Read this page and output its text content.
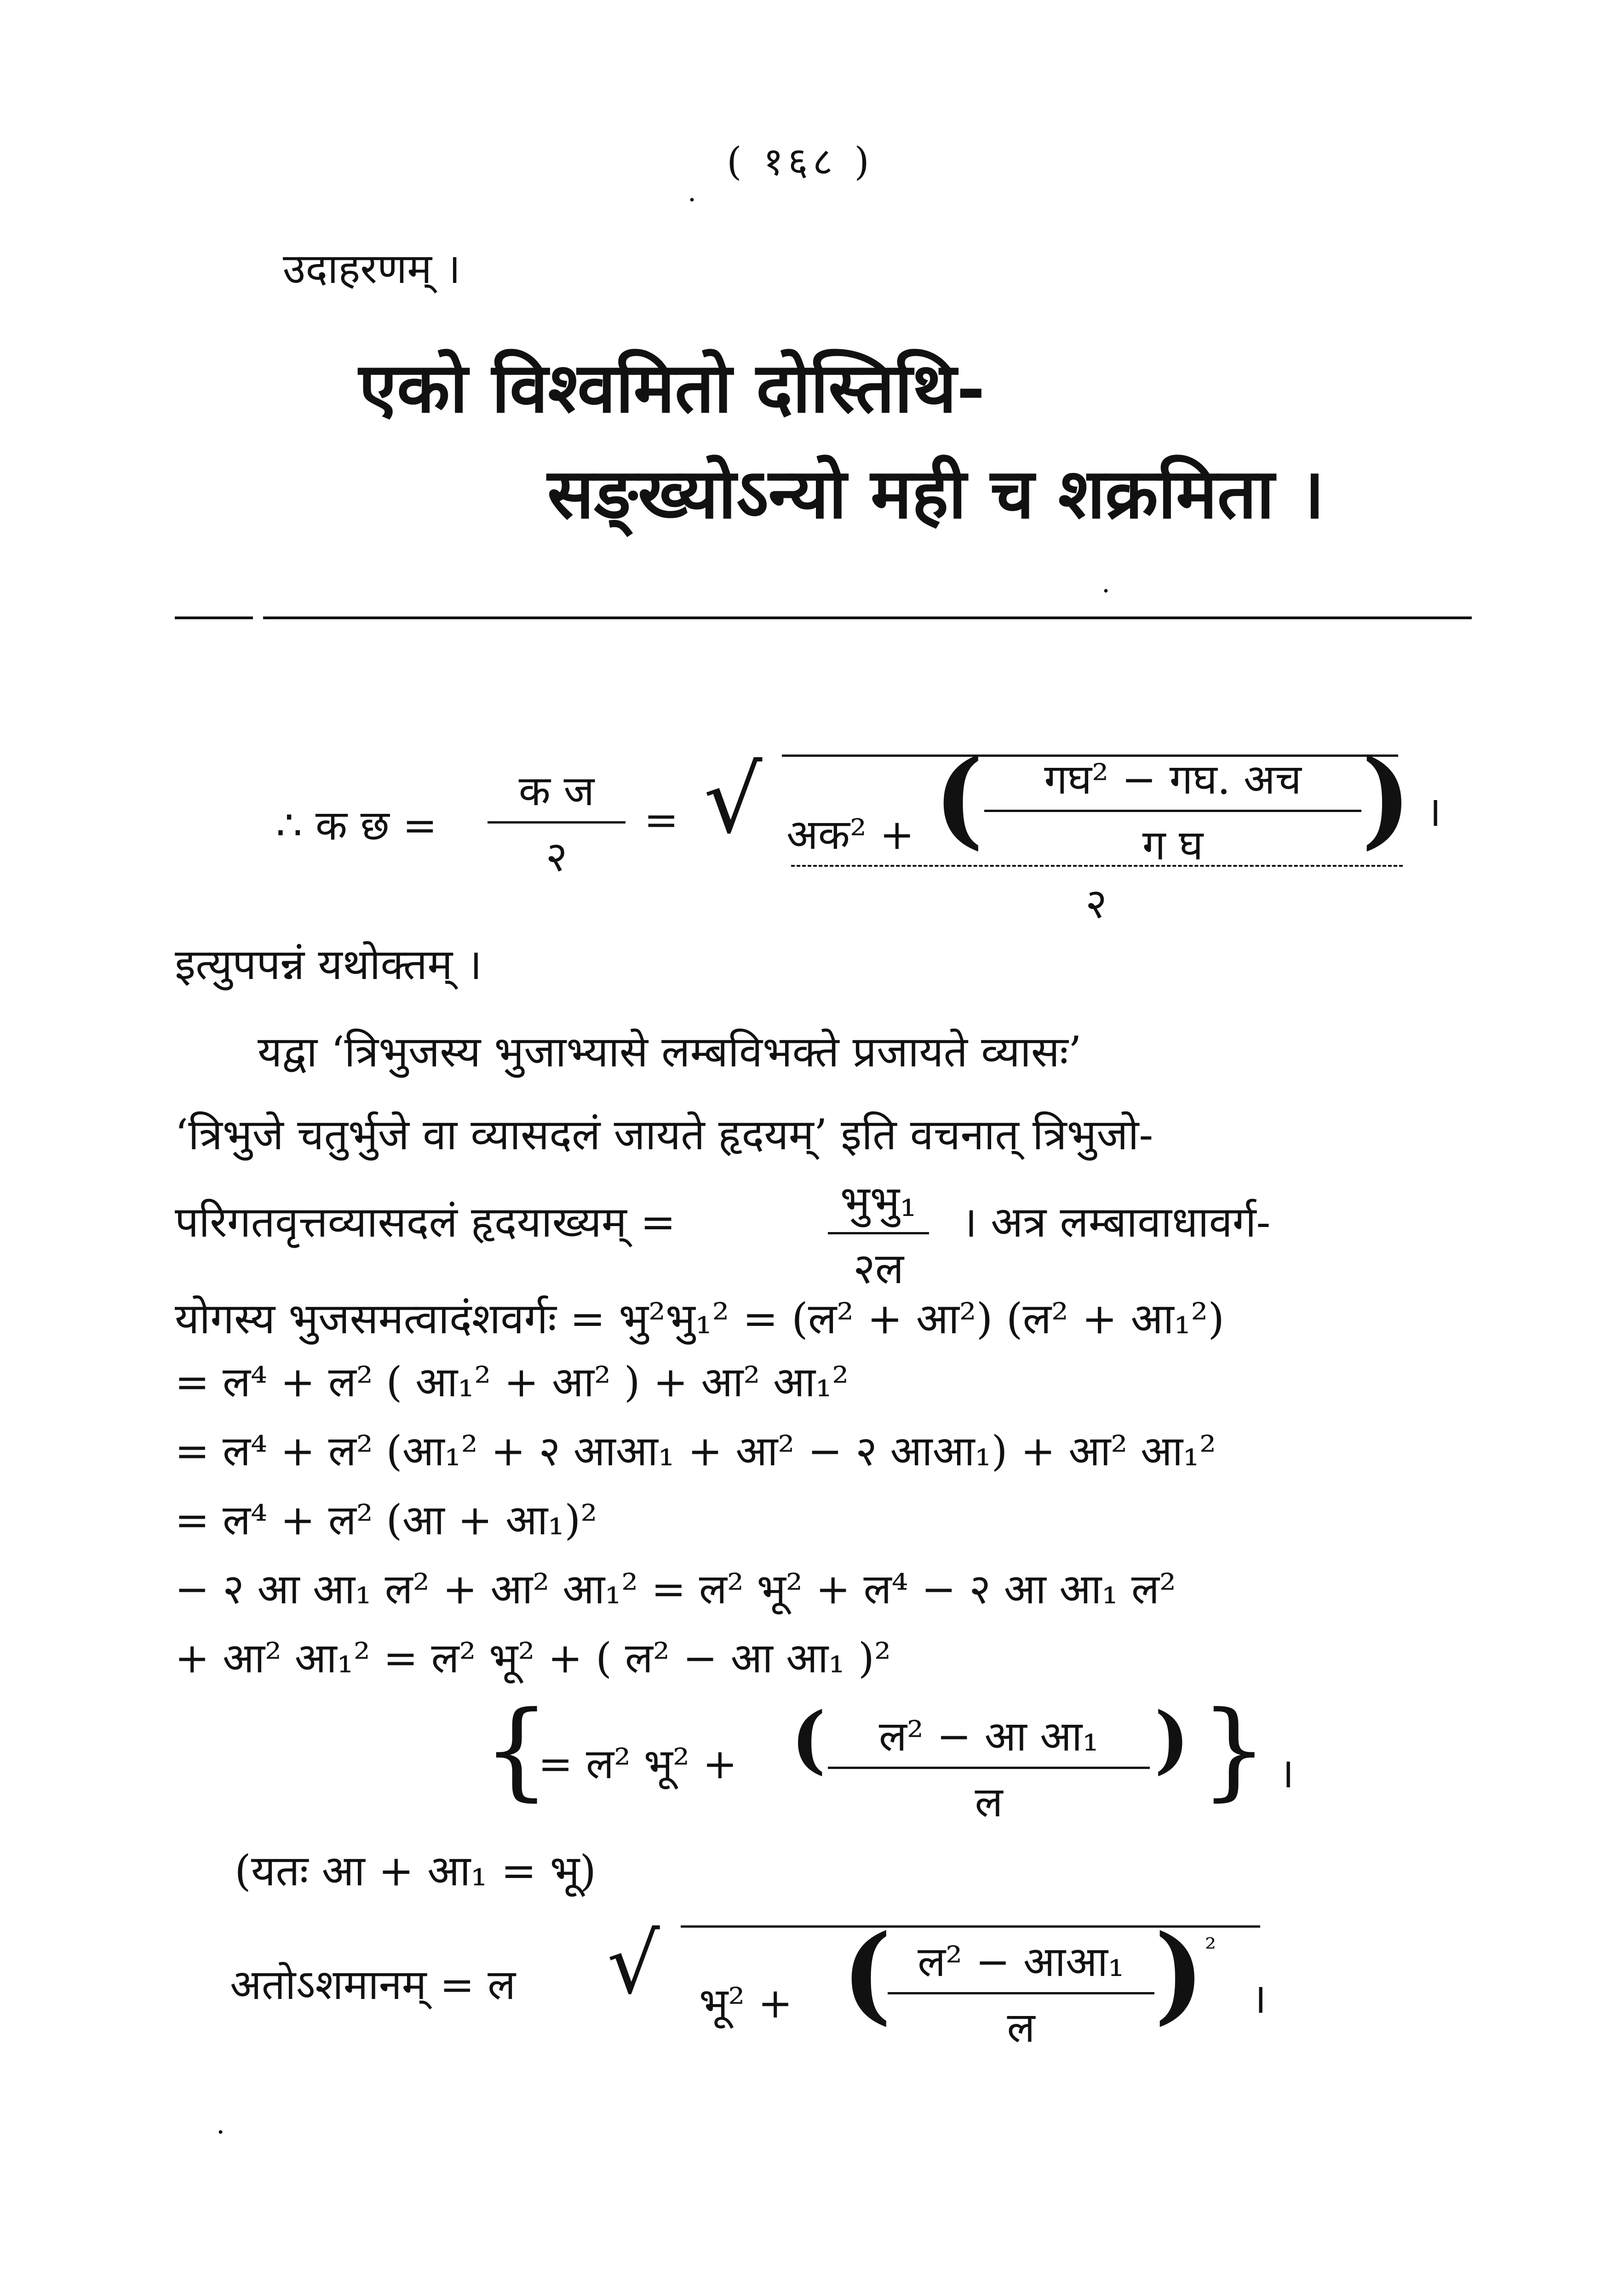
( १६८ )
·
उदाहरणम् ।
एको विश्वमितो दोस्तिथि-
सङ्ख्योऽन्यो मही च शक्रमिता ।
·
∴ क छ =
क ज
२
= √ अक² + (	गघ² − गघ. अच
ग घ	)
२
।
इत्युपपन्नं यथोक्तम् ।
यद्वा ‘त्रिभुजस्य भुजाभ्यासे लम्बविभक्ते प्रजायते व्यासः’
‘त्रिभुजे चतुर्भुजे वा व्यासदलं जायते हृदयम्’ इति वचनात् त्रिभुजो-
परिगतवृत्तव्यासदलं हृदयाख्यम् =	भुभु₁
२ल
। अत्र लम्बावाधावर्ग-
योगस्य भुजसमत्वादंशवर्गः = भु²भु₁² = (ल² + आ²) (ल² + आ₁²)
= ल⁴ + ल² ( आ₁² + आ² ) + आ² आ₁²
= ल⁴ + ल² (आ₁² + २ आआ₁ + आ² − २ आआ₁) + आ² आ₁²
= ल⁴ + ल² (आ + आ₁)²
− २ आ आ₁ ल² + आ² आ₁² = ल² भू² + ल⁴ − २ आ आ₁ ल²
+ आ² आ₁² = ल² भू² + ( ल² − आ आ₁ )²
{
= ल² भू² + (	ल² − आ आ₁
ल
) } ।
(यतः आ + आ₁ = भू)
अतोऽशमानम् = ल √ भू² + ( ल² − आआ₁
ल	) ²
।
·
